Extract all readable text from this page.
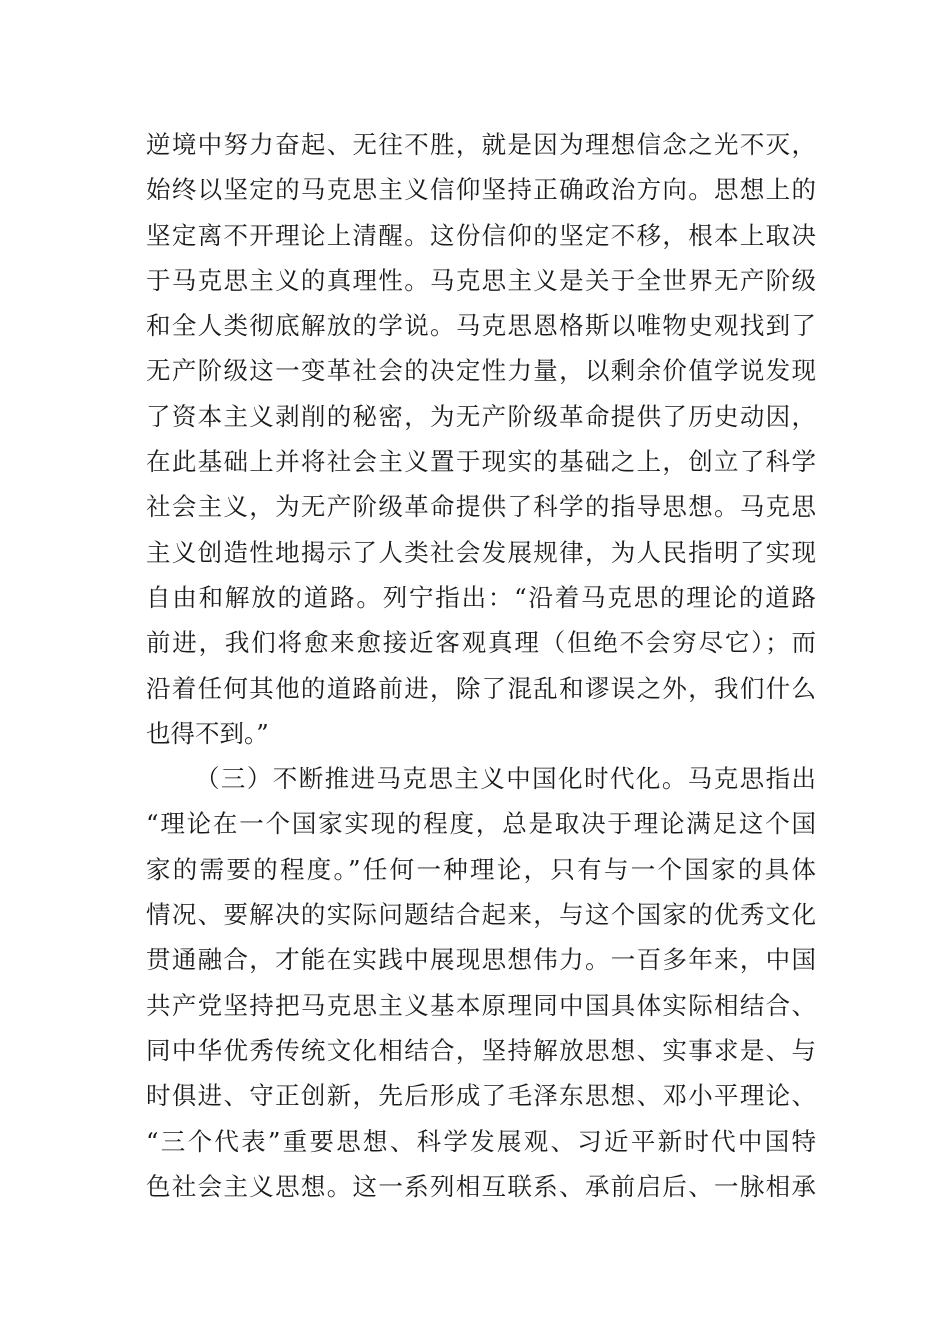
逆境中努力奋起、无往不胜，就是因为理想信念之光不灭，
始终以坚定的马克思主义信仰坚持正确政治方向。思想上的
坚定离不开理论上清醒。这份信仰的坚定不移，根本上取决
于马克思主义的真理性。马克思主义是关于全世界无产阶级
和全人类彻底解放的学说。马克思恩格斯以唯物史观找到了
无产阶级这一变革社会的决定性力量，以剩余价值学说发现
了资本主义剥削的秘密，为无产阶级革命提供了历史动因，
在此基础上并将社会主义置于现实的基础之上，创立了科学
社会主义，为无产阶级革命提供了科学的指导思想。马克思
主义创造性地揭示了人类社会发展规律，为人民指明了实现
自由和解放的道路。列宁指出：“沿着马克思的理论的道路
前进，我们将愈来愈接近客观真理（但绝不会穷尽它）；而
沿着任何其他的道路前进，除了混乱和谬误之外，我们什么
也得不到。”
（三）不断推进马克思主义中国化时代化。马克思指出
“理论在一个国家实现的程度，总是取决于理论满足这个国
家的需要的程度。”任何一种理论，只有与一个国家的具体
情况、要解决的实际问题结合起来，与这个国家的优秀文化
贯通融合，才能在实践中展现思想伟力。一百多年来，中国
共产党坚持把马克思主义基本原理同中国具体实际相结合、
同中华优秀传统文化相结合，坚持解放思想、实事求是、与
时俱进、守正创新，先后形成了毛泽东思想、邓小平理论、
“三个代表”重要思想、科学发展观、习近平新时代中国特
色社会主义思想。这一系列相互联系、承前启后、一脉相承
